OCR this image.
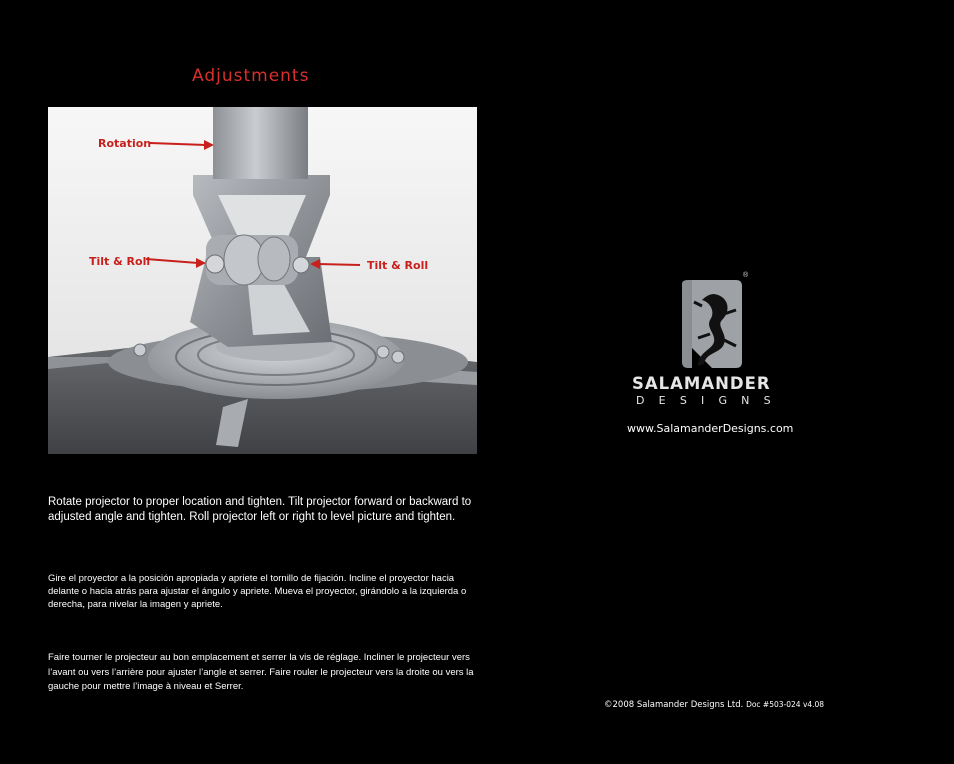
Adjustments
Rotation
Tilt & Roll	Tilt & Roll
Rotate projector to proper location and tighten. Tilt projector forward or backward to adjusted angle and tighten. Roll projector left or right to level picture and tighten.
Gire el proyector a la posición apropiada y apriete el tornillo de fijación. Incline el proyector hacia delante o hacia atrás para ajustar el ángulo y apriete. Mueva el proyector, girándolo a la izquierda o derecha, para nivelar la imagen y apriete.
Faire tourner le projecteur au bon emplacement et serrer la vis de réglage. Incliner le projecteur vers l’avant ou vers l’arrière pour ajuster l’angle et serrer. Faire rouler le projecteur vers la droite ou vers la gauche pour mettre l’image à niveau et Serrer.
®
SALAMANDER
DESIGNS
www.SalamanderDesigns.com
©2008 Salamander Designs Ltd. Doc #503-024 v4.08
